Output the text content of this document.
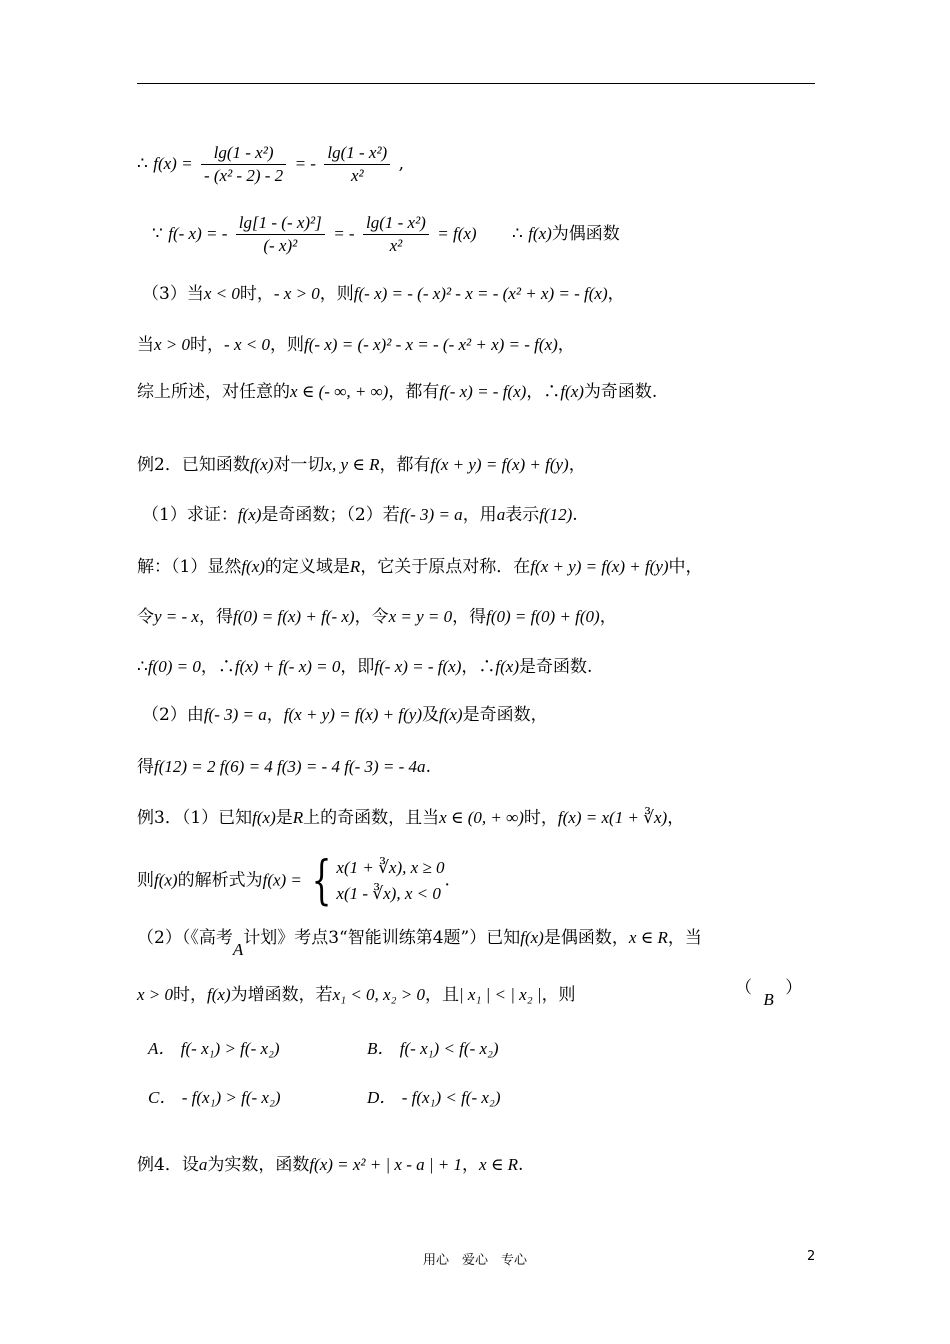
∴ $f(x) = \frac{\text{lg(1 - x²)}}{\text{- (x² - 2) - 2}}$ = - $\frac{\text{lg(1 - x²)}}{\text{x²}}$ ,
∵ f(- x) = - $\frac{\text{lg[1 - (- x)²]}}{\text{(- x)²}}$ = - $\frac{\text{lg(1 - x²)}}{\text{x²}} = f(x)$ ∴ f(x)为偶函数
（3）当x < 0时，- x > 0，则f(- x) = - (- x)² - x = - (x² + x) = - f(x)，
当x > 0时，- x < 0，则f(- x) = (- x)² - x = - (- x² + x) = - f(x)，
综上所述，对任意的x ∈ (- ∞, + ∞)，都有f(- x) = - f(x)，∴f(x)为奇函数.
例2．已知函数f(x)对一切x, y ∈ R，都有f(x + y) = f(x) + f(y)，
（1）求证：f(x)是奇函数；（2）若f(- 3) = a，用a表示f(12).
解：（1）显然f(x)的定义域是R，它关于原点对称．在f(x + y) = f(x) + f(y)中，
令y = - x，得f(0) = f(x) + f(- x)，令x = y = 0，得f(0) = f(0) + f(0)，
∴f(0) = 0，∴f(x) + f(- x) = 0，即f(- x) = - f(x)，∴f(x)是奇函数.
（2）由f(- 3) = a，f(x + y) = f(x) + f(y)及f(x)是奇函数，
得f(12) = 2 f(6) = 4 f(3) = - 4 f(- 3) = - 4a.
例3．（1）已知f(x)是R上的奇函数，且当x ∈ (0, + ∞)时，f(x) = x(1 + ∛x)，
则f(x)的解析式为f(x) = { x(1 + ∛x), x ≥ 0
x(1 - ∛x), x < 0
.
（2）（《高考A计划》考点3“智能训练第4题”）已知f(x)是偶函数，x ∈ R，当
x > 0时，f(x)为增函数，若x₁ < 0, x₂ > 0，且| x₁ | < | x₂ |，则	（ B ）
A． f(- x₁) > f(- x₂)	B． f(- x₁) < f(- x₂)
C． - f(x₁) > f(- x₂)	D． - f(x₁) < f(- x₂)
例4．设a为实数，函数f(x) = x² + | x - a | + 1，x ∈ R.
用心　爱心　专心	2
